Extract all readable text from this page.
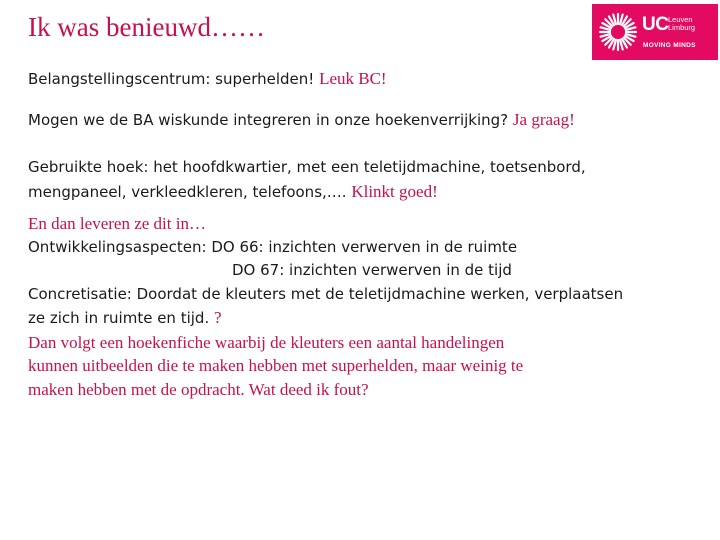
Ik was benieuwd……	UC Leuven
Limburg
MOVING MINDS

Belangstellingscentrum: superhelden! Leuk BC!

Mogen we de BA wiskunde integreren in onze hoekenverrijking? Ja graag!

Gebruikte hoek: het hoofdkwartier, met een teletijdmachine, toetsenbord,

mengpaneel, verkleedkleren, telefoons,…. Klinkt goed!

En dan leveren ze dit in…

Ontwikkelingsaspecten: DO 66: inzichten verwerven in de ruimte

DO 67: inzichten verwerven in de tijd

Concretisatie: Doordat de kleuters met de teletijdmachine werken, verplaatsen

ze zich in ruimte en tijd. ?

Dan volgt een hoekenfiche waarbij de kleuters een aantal handelingen

kunnen uitbeelden die te maken hebben met superhelden, maar weinig te

maken hebben met de opdracht. Wat deed ik fout?
